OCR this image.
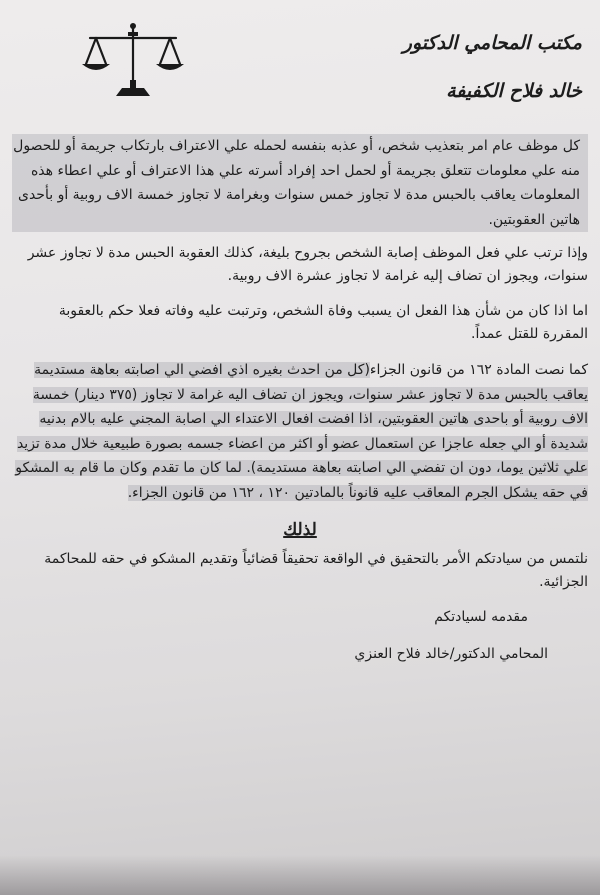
مكتب المحامي الدكتور
خالد فلاح الكفيفة

كل موظف عام امر بتعذيب شخص، أو عذبه بنفسه لحمله علي الاعتراف بارتكاب جريمة أو للحصول منه علي معلومات تتعلق بجريمة أو لحمل احد إفراد أسرته علي هذا الاعتراف أو علي اعطاء هذه المعلومات يعاقب بالحبس مدة لا تجاوز خمس سنوات وبغرامة لا تجاوز خمسة الاف روبية أو بأحدى هاتين العقوبتين.

وإذا ترتب علي فعل الموظف إصابة الشخص بجروح بليغة، كذلك العقوبة الحبس مدة لا تجاوز عشر سنوات، ويجوز ان تضاف إليه غرامة لا تجاوز عشرة الاف روبية.

اما اذا كان من شأن هذا الفعل ان يسبب وفاة الشخص، وترتبت عليه وفاته فعلا حكم بالعقوبة المقررة للقتل عمداً.

كما نصت المادة ١٦٢ من قانون الجزاء(كل من احدث بغيره اذي افضي الي اصابته بعاهة مستديمة يعاقب بالحبس مدة لا تجاوز عشر سنوات، ويجوز ان تضاف اليه غرامة لا تجاوز (٣٧٥ دينار) خمسة الاف روبية أو باحدى هاتين العقوبتين، اذا افضت افعال الاعتداء الي اصابة المجني عليه بالام بدنيه شديدة أو الي جعله عاجزا عن استعمال عضو أو اكثر من اعضاء جسمه بصورة طبيعية خلال مدة تزيد علي ثلاثين يوما، دون ان تفضي الي اصابته بعاهة مستديمة). لما كان ما تقدم وكان ما قام به المشكو في حقه يشكل الجرم المعاقب عليه قانوناً بالمادتين ١٢٠ ، ١٦٢ من قانون الجزاء.

لذلك

نلتمس من سيادتكم الأمر بالتحقيق في الواقعة تحقيقاً قضائياً وتقديم المشكو في حقه للمحاكمة الجزائية.

مقدمه لسيادتكم
المحامي الدكتور/خالد فلاح العنزي
